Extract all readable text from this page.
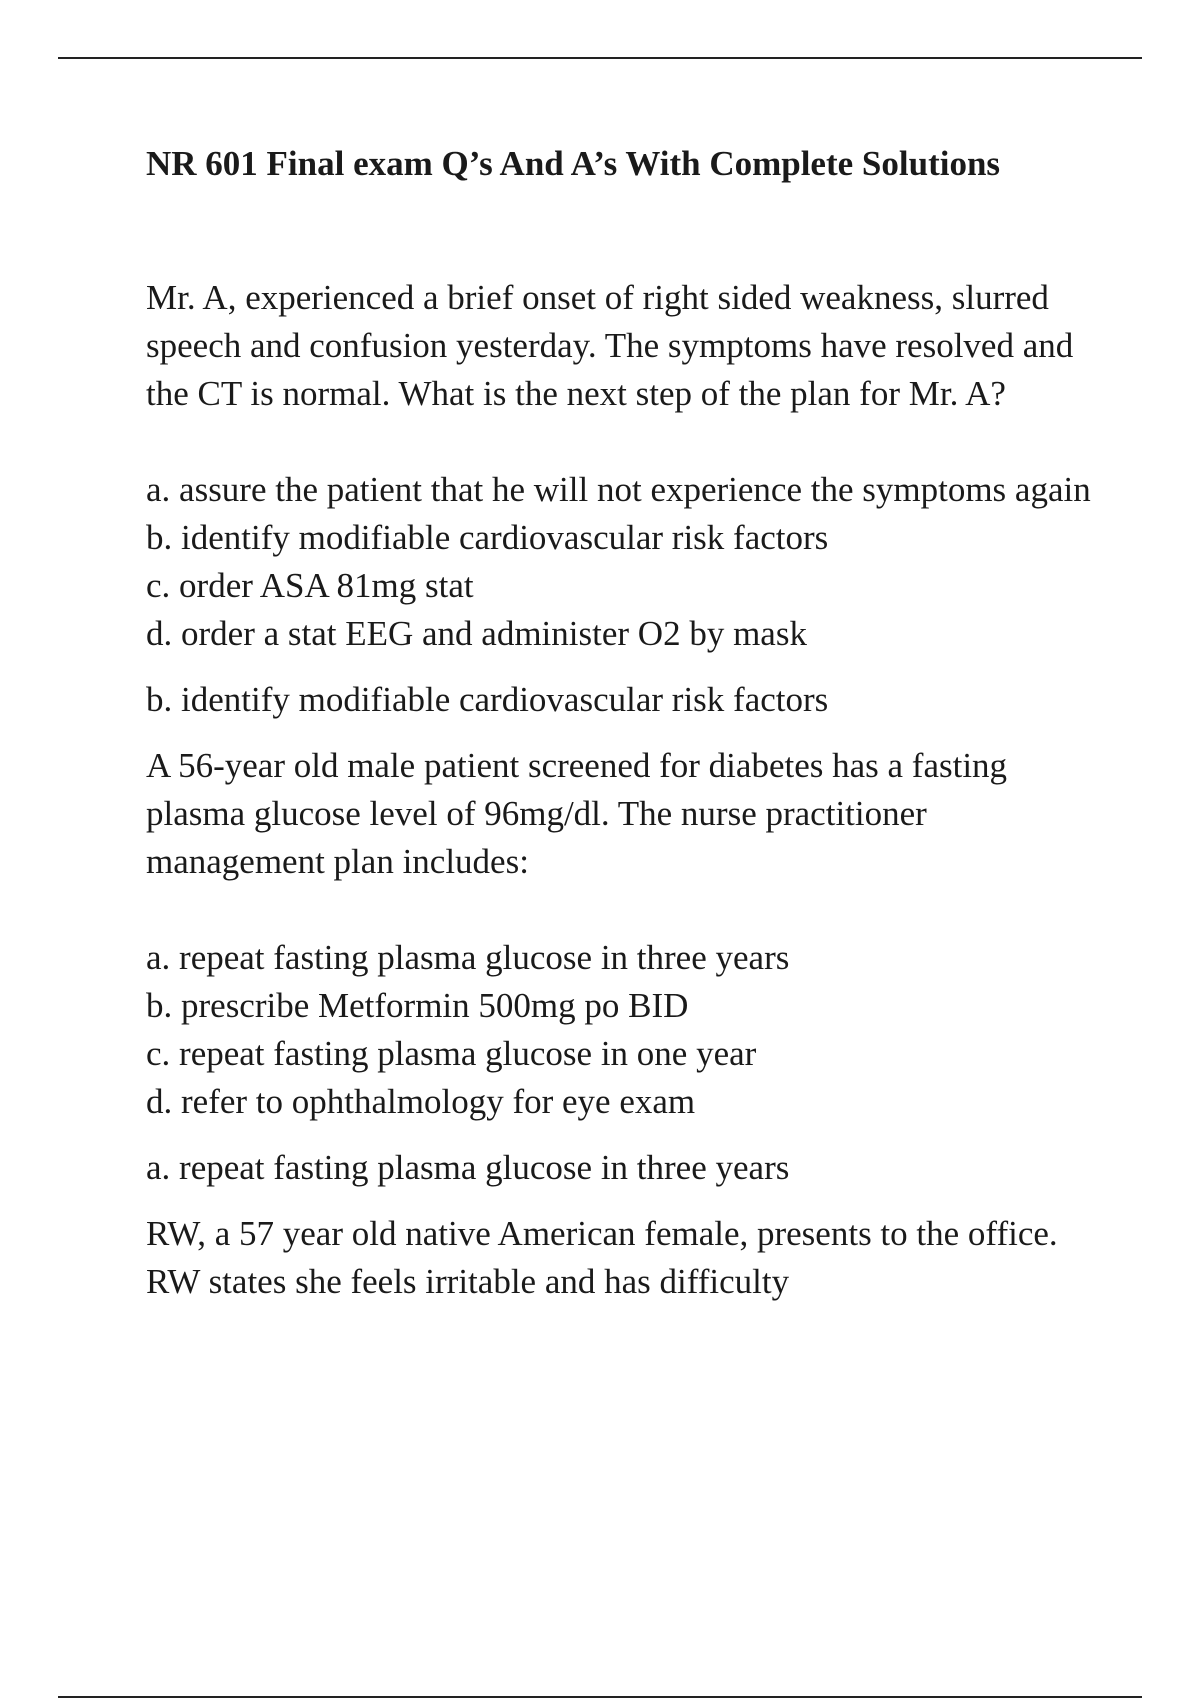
NR 601 Final exam Q’s And A’s With Complete Solutions

Mr. A, experienced a brief onset of right sided weakness, slurred speech and confusion yesterday. The symptoms have resolved and the CT is normal. What is the next step of the plan for Mr. A?

a. assure the patient that he will not experience the symptoms again

b. identify modifiable cardiovascular risk factors

c. order ASA 81mg stat

d. order a stat EEG and administer O2 by mask

b. identify modifiable cardiovascular risk factors

A 56-year old male patient screened for diabetes has a fasting plasma glucose level of 96mg/dl. The nurse practitioner management plan includes:

a. repeat fasting plasma glucose in three years

b. prescribe Metformin 500mg po BID

c. repeat fasting plasma glucose in one year

d. refer to ophthalmology for eye exam

a. repeat fasting plasma glucose in three years

RW, a 57 year old native American female, presents to the office. RW states she feels irritable and has difficulty
